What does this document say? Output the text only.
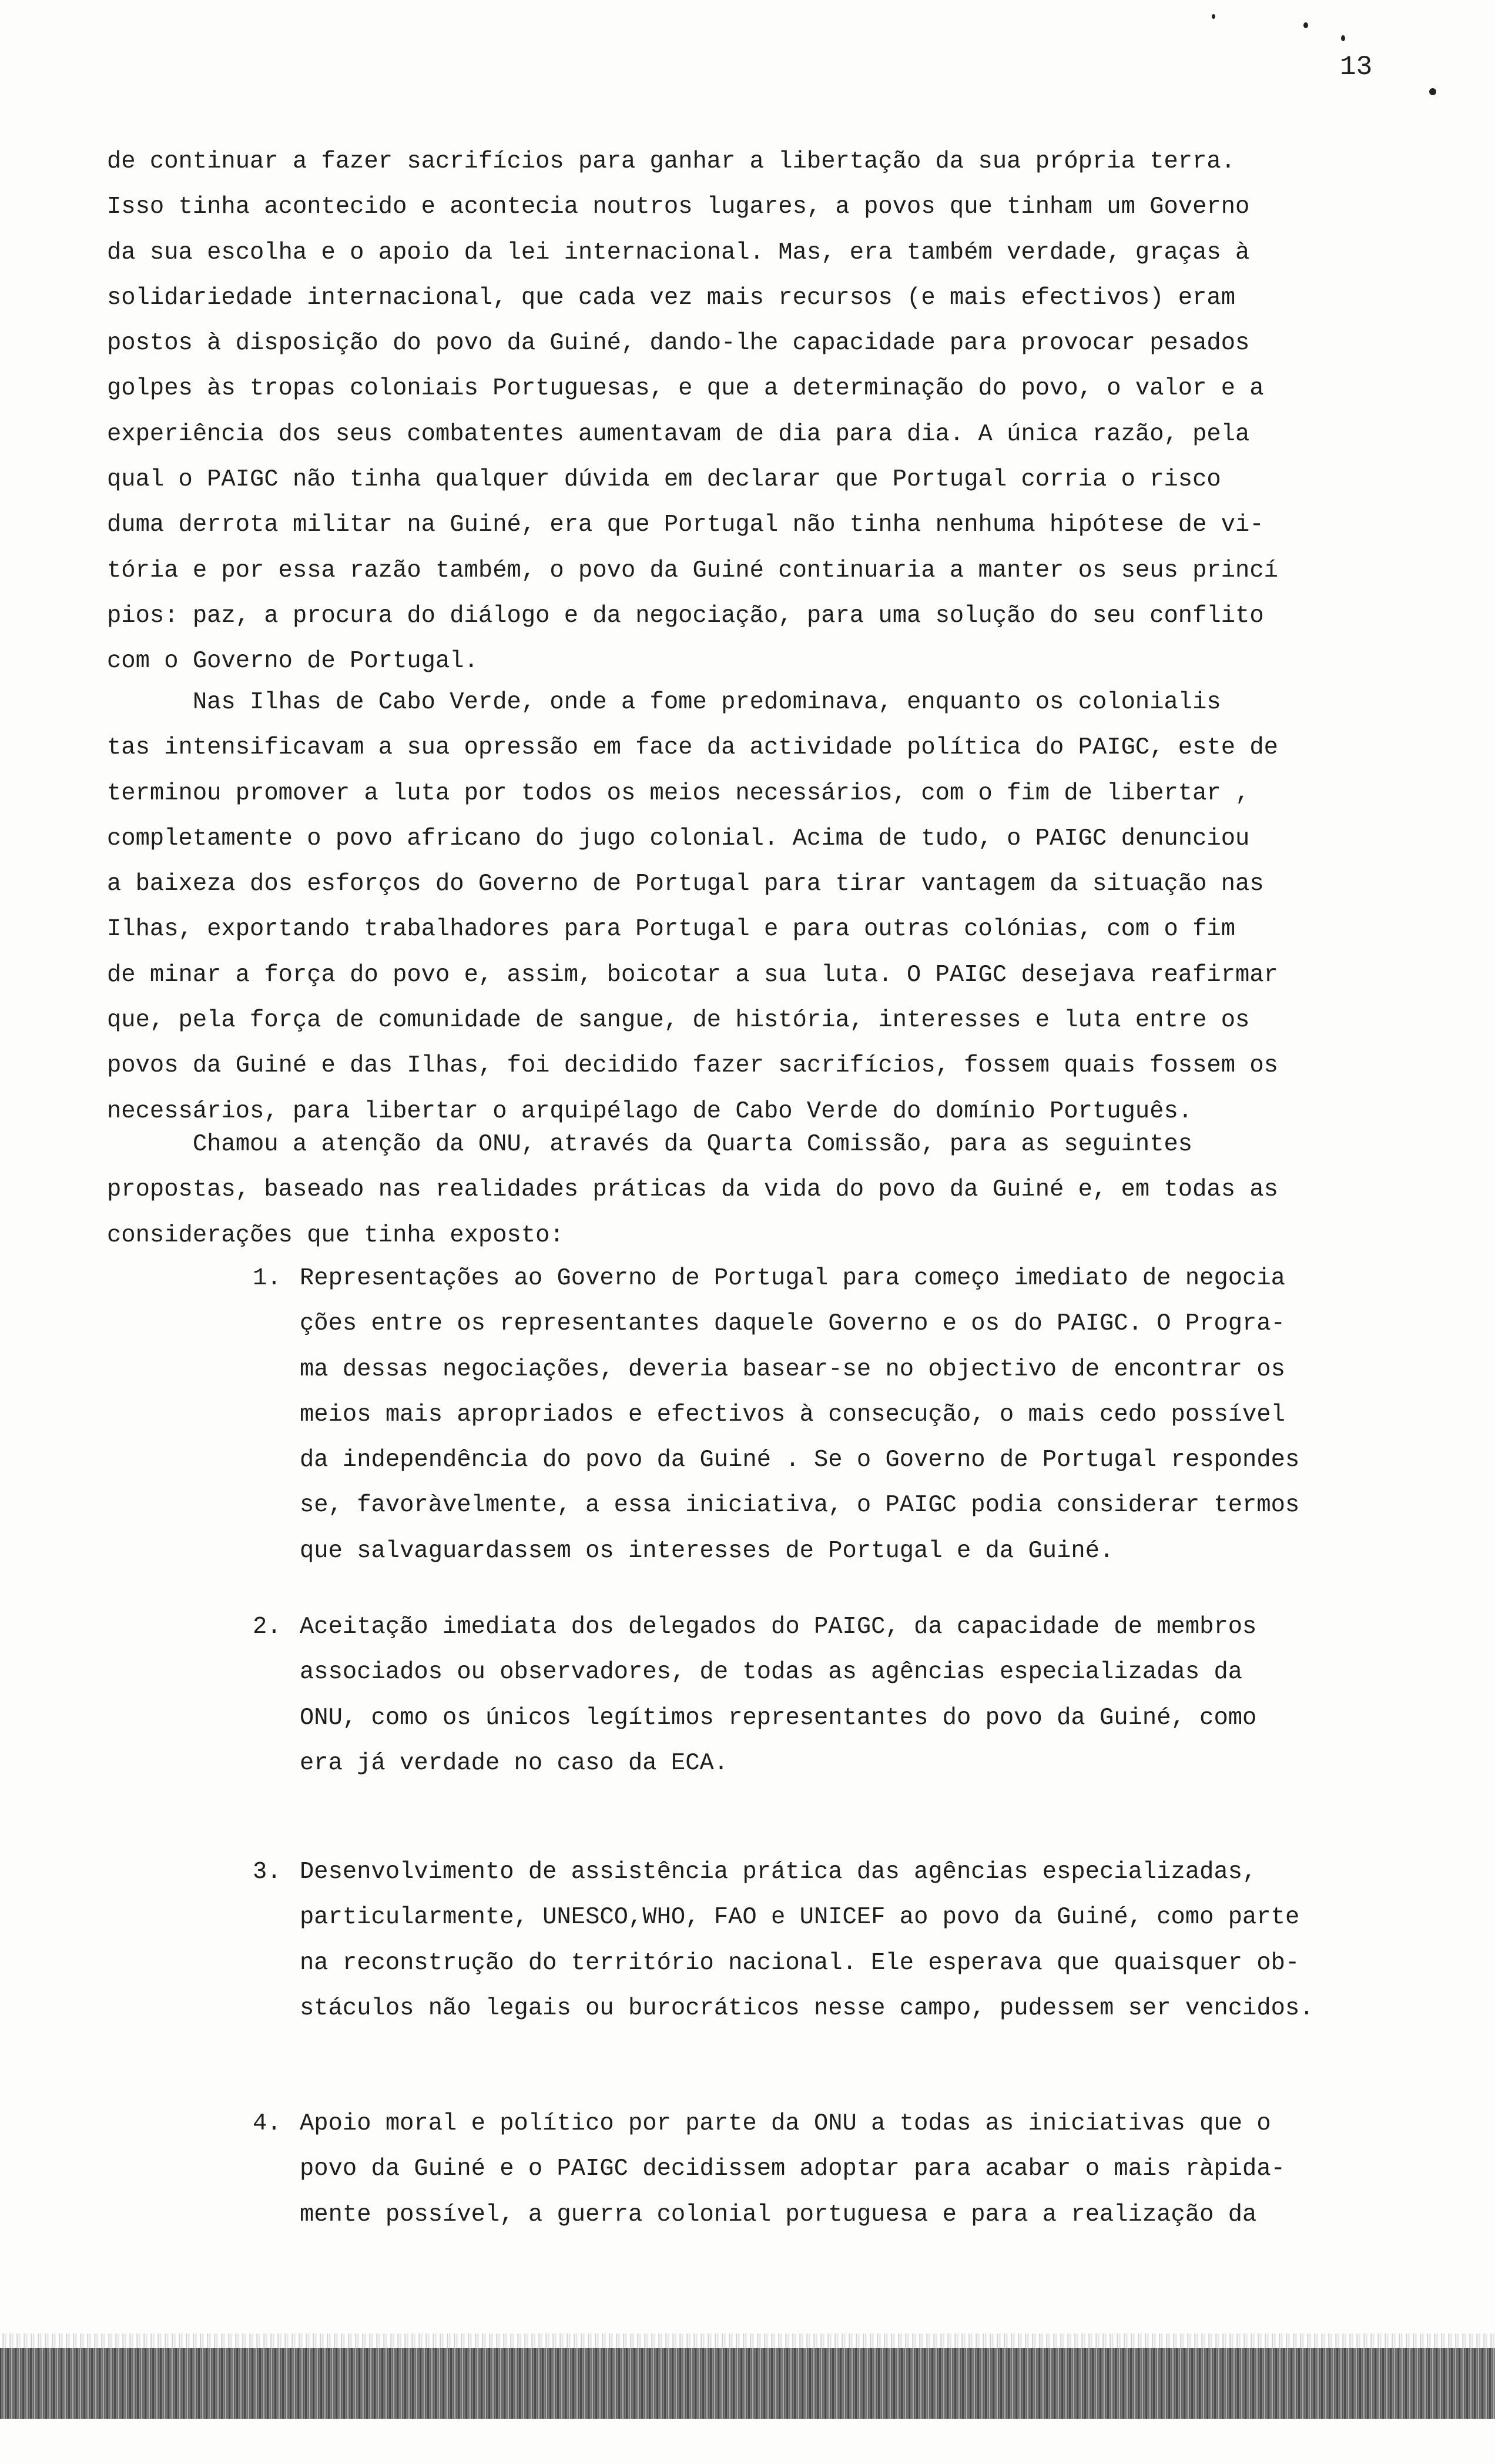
13
de continuar a fazer sacrifícios para ganhar a libertação da sua própria terra.
Isso tinha acontecido e acontecia noutros lugares, a povos que tinham um Governo
da sua escolha e o apoio da lei internacional. Mas, era também verdade, graças à
solidariedade internacional, que cada vez mais recursos (e mais efectivos) eram
postos à disposição do povo da Guiné, dando-lhe capacidade para provocar pesados
golpes às tropas coloniais Portuguesas, e que a determinação do povo, o valor e a
experiência dos seus combatentes aumentavam de dia para dia. A única razão, pela
qual o PAIGC não tinha qualquer dúvida em declarar que Portugal corria o risco
duma derrota militar na Guiné, era que Portugal não tinha nenhuma hipótese de vi-
tória e por essa razão também, o povo da Guiné continuaria a manter os seus princí
pios: paz, a procura do diálogo e da negociação, para uma solução do seu conflito
com o Governo de Portugal.
Nas Ilhas de Cabo Verde, onde a fome predominava, enquanto os colonialis
tas intensificavam a sua opressão em face da actividade política do PAIGC, este de
terminou promover a luta por todos os meios necessários, com o fim de libertar ,
completamente o povo africano do jugo colonial. Acima de tudo, o PAIGC denunciou
a baixeza dos esforços do Governo de Portugal para tirar vantagem da situação nas
Ilhas, exportando trabalhadores para Portugal e para outras colónias, com o fim
de minar a força do povo e, assim, boicotar a sua luta. O PAIGC desejava reafirmar
que, pela força de comunidade de sangue, de história, interesses e luta entre os
povos da Guiné e das Ilhas, foi decidido fazer sacrifícios, fossem quais fossem os
necessários, para libertar o arquipélago de Cabo Verde do domínio Português.
Chamou a atenção da ONU, através da Quarta Comissão, para as seguintes
propostas, baseado nas realidades práticas da vida do povo da Guiné e, em todas as
considerações que tinha exposto:
1. Representações ao Governo de Portugal para começo imediato de negocia
ções entre os representantes daquele Governo e os do PAIGC. O Progra-
ma dessas negociações, deveria basear-se no objectivo de encontrar os
meios mais apropriados e efectivos à consecução, o mais cedo possível
da independência do povo da Guiné . Se o Governo de Portugal respondes
se, favoràvelmente, a essa iniciativa, o PAIGC podia considerar termos
que salvaguardassem os interesses de Portugal e da Guiné.
2. Aceitação imediata dos delegados do PAIGC, da capacidade de membros
associados ou observadores, de todas as agências especializadas da
ONU, como os únicos legítimos representantes do povo da Guiné, como
era já verdade no caso da ECA.
3. Desenvolvimento de assistência prática das agências especializadas,
particularmente, UNESCO,WHO, FAO e UNICEF ao povo da Guiné, como parte
na reconstrução do território nacional. Ele esperava que quaisquer ob-
stáculos não legais ou burocráticos nesse campo, pudessem ser vencidos.
4. Apoio moral e político por parte da ONU a todas as iniciativas que o
povo da Guiné e o PAIGC decidissem adoptar para acabar o mais ràpida-
mente possível, a guerra colonial portuguesa e para a realização da
